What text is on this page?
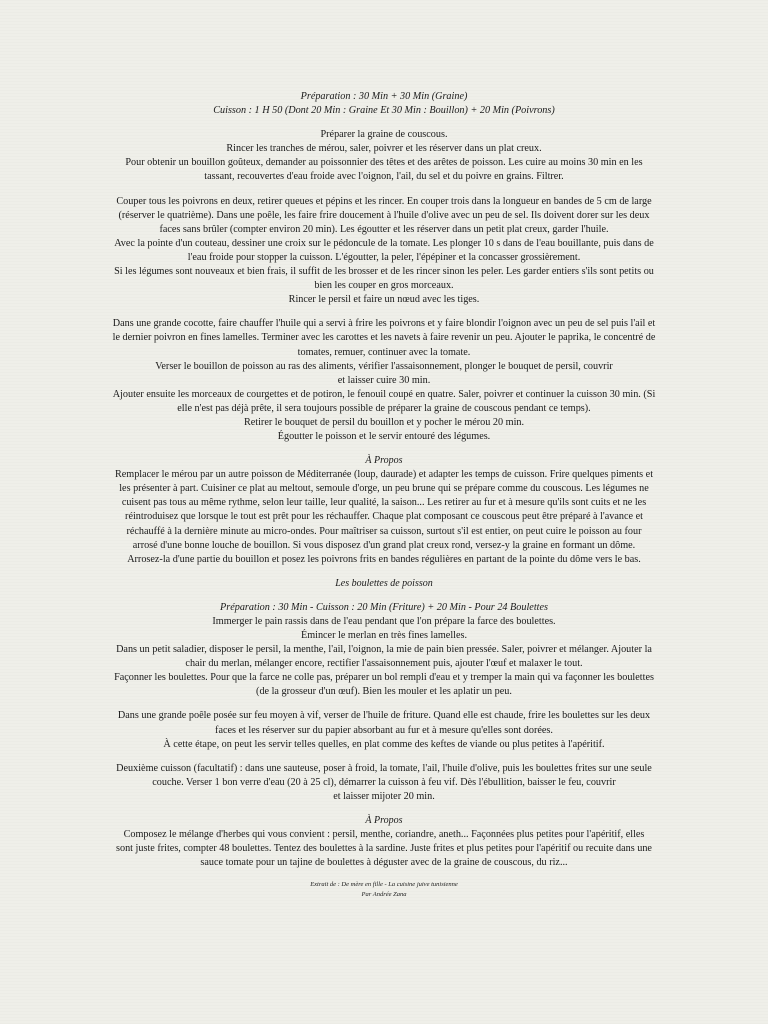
Préparation : 30 Min + 30 Min (Graine)

Cuisson : 1 H 50 (Dont 20 Min : Graine Et 30 Min : Bouillon) + 20 Min (Poivrons)

Préparer la graine de couscous.

Rincer les tranches de mérou, saler, poivrer et les réserver dans un plat creux.

Pour obtenir un bouillon goûteux, demander au poissonnier des têtes et des arêtes de poisson. Les cuire au moins 30 min en les

tassant, recouvertes d'eau froide avec l'oignon, l'ail, du sel et du poivre en grains. Filtrer.

Couper tous les poivrons en deux, retirer queues et pépins et les rincer. En couper trois dans la longueur en bandes de 5 cm de large

(réserver le quatrième). Dans une poêle, les faire frire doucement à l'huile d'olive avec un peu de sel. Ils doivent dorer sur les deux

faces sans brûler (compter environ 20 min). Les égoutter et les réserver dans un petit plat creux, garder l'huile.

Avec la pointe d'un couteau, dessiner une croix sur le pédoncule de la tomate. Les plonger 10 s dans de l'eau bouillante, puis dans de

l'eau froide pour stopper la cuisson. L'égoutter, la peler, l'épépiner et la concasser grossièrement.

Si les légumes sont nouveaux et bien frais, il suffit de les brosser et de les rincer sinon les peler. Les garder entiers s'ils sont petits ou

bien les couper en gros morceaux.

Rincer le persil et faire un nœud avec les tiges.

Dans une grande cocotte, faire chauffer l'huile qui a servi à frire les poivrons et y faire blondir l'oignon avec un peu de sel puis l'ail et

le dernier poivron en fines lamelles. Terminer avec les carottes et les navets à faire revenir un peu. Ajouter le paprika, le concentré de

tomates, remuer, continuer avec la tomate.

Verser le bouillon de poisson au ras des aliments, vérifier l'assaisonnement, plonger le bouquet de persil, couvrir

et laisser cuire 30 min.

Ajouter ensuite les morceaux de courgettes et de potiron, le fenouil coupé en quatre. Saler, poivrer et continuer la cuisson 30 min. (Si

elle n'est pas déjà prête, il sera toujours possible de préparer la graine de couscous pendant ce temps).

Retirer le bouquet de persil du bouillon et y pocher le mérou 20 min.

Égoutter le poisson et le servir entouré des légumes.

À Propos

Remplacer le mérou par un autre poisson de Méditerranée (loup, daurade) et adapter les temps de cuisson. Frire quelques piments et

les présenter à part. Cuisiner ce plat au meltout, semoule d'orge, un peu brune qui se prépare comme du couscous. Les légumes ne

cuisent pas tous au même rythme, selon leur taille, leur qualité, la saison... Les retirer au fur et à mesure qu'ils sont cuits et ne les

réintroduisez que lorsque le tout est prêt pour les réchauffer. Chaque plat composant ce couscous peut être préparé à l'avance et

réchauffé à la dernière minute au micro-ondes. Pour maîtriser sa cuisson, surtout s'il est entier, on peut cuire le poisson au four

arrosé d'une bonne louche de bouillon. Si vous disposez d'un grand plat creux rond, versez-y la graine en formant un dôme.

Arrosez-la d'une partie du bouillon et posez les poivrons frits en bandes régulières en partant de la pointe du dôme vers le bas.

Les boulettes de poisson

Préparation : 30 Min - Cuisson : 20 Min (Friture) + 20 Min - Pour 24 Boulettes

Immerger le pain rassis dans de l'eau pendant que l'on prépare la farce des boulettes.

Émincer le merlan en très fines lamelles.

Dans un petit saladier, disposer le persil, la menthe, l'ail, l'oignon, la mie de pain bien pressée. Saler, poivrer et mélanger. Ajouter la

chair du merlan, mélanger encore, rectifier l'assaisonnement puis, ajouter l'œuf et malaxer le tout.

Façonner les boulettes. Pour que la farce ne colle pas, préparer un bol rempli d'eau et y tremper la main qui va façonner les boulettes

(de la grosseur d'un œuf). Bien les mouler et les aplatir un peu.

Dans une grande poêle posée sur feu moyen à vif, verser de l'huile de friture. Quand elle est chaude, frire les boulettes sur les deux

faces et les réserver sur du papier absorbant au fur et à mesure qu'elles sont dorées.

À cette étape, on peut les servir telles quelles, en plat comme des keftes de viande ou plus petites à l'apéritif.

Deuxième cuisson (facultatif) : dans une sauteuse, poser à froid, la tomate, l'ail, l'huile d'olive, puis les boulettes frites sur une seule

couche. Verser 1 bon verre d'eau (20 à 25 cl), démarrer la cuisson à feu vif. Dès l'ébullition, baisser le feu, couvrir

et laisser mijoter 20 min.

À Propos

Composez le mélange d'herbes qui vous convient : persil, menthe, coriandre, aneth... Façonnées plus petites pour l'apéritif, elles

sont juste frites, compter 48 boulettes. Tentez des boulettes à la sardine. Juste frites et plus petites pour l'apéritif ou recuite dans une

sauce tomate pour un tajine de boulettes à déguster avec de la graine de couscous, du riz...

Extrait de : De mère en fille - La cuisine juive tunisienne

Par Andrée Zana
